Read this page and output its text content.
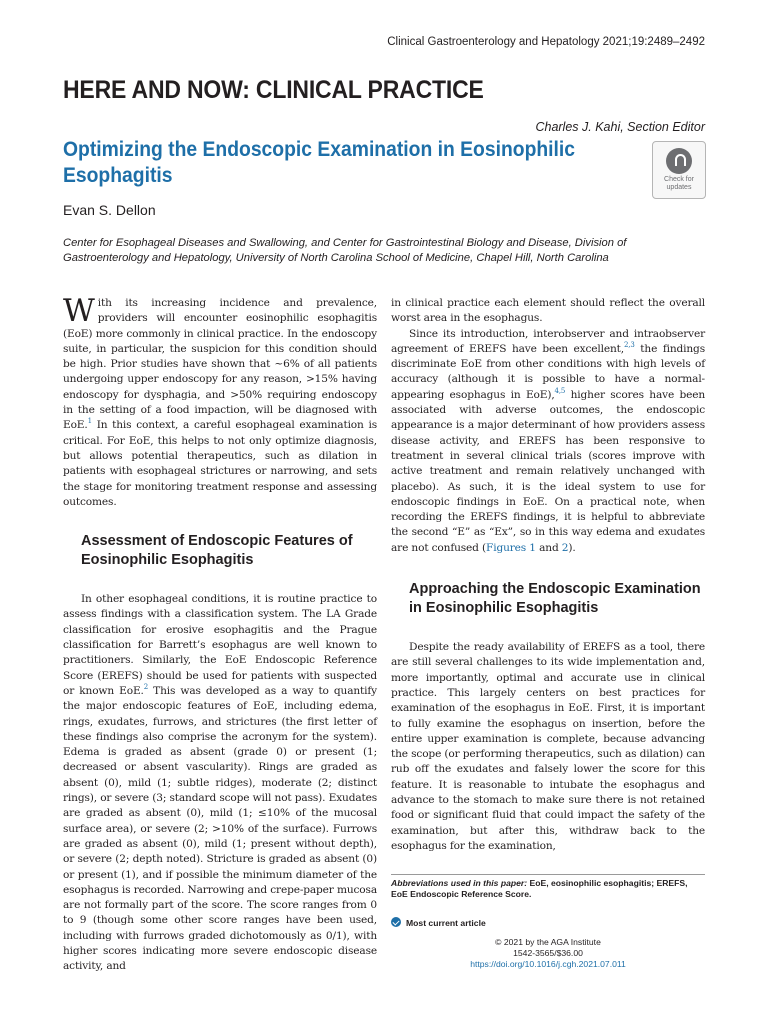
Clinical Gastroenterology and Hepatology 2021;19:2489–2492
HERE AND NOW: CLINICAL PRACTICE
Charles J. Kahi, Section Editor
Optimizing the Endoscopic Examination in Eosinophilic Esophagitis	Check for
updates
Evan S. Dellon
Center for Esophageal Diseases and Swallowing, and Center for Gastrointestinal Biology and Disease, Division of Gastroenterology and Hepatology, University of North Carolina School of Medicine, Chapel Hill, North Carolina

With its increasing incidence and prevalence, providers will encounter eosinophilic esophagitis (EoE) more commonly in clinical practice. In the endoscopy suite, in particular, the suspicion for this condition should be high. Prior studies have shown that ~6% of all patients undergoing upper endoscopy for any reason, >15% having endoscopy for dysphagia, and >50% requiring endoscopy in the setting of a food impaction, will be diagnosed with EoE.$^1$ In this context, a careful esophageal examination is critical. For EoE, this helps to not only optimize diagnosis, but allows potential therapeutics, such as dilation in patients with esophageal strictures or narrowing, and sets the stage for monitoring treatment response and assessing outcomes.

Assessment of Endoscopic Features of Eosinophilic Esophagitis

In other esophageal conditions, it is routine practice to assess findings with a classification system. The LA Grade classification for erosive esophagitis and the Prague classification for Barrett’s esophagus are well known to practitioners. Similarly, the EoE Endoscopic Reference Score (EREFS) should be used for patients with suspected or known EoE.$^2$ This was developed as a way to quantify the major endoscopic features of EoE, including edema, rings, exudates, furrows, and strictures (the first letter of these findings also comprise the acronym for the system). Edema is graded as absent (grade 0) or present (1; decreased or absent vascularity). Rings are graded as absent (0), mild (1; subtle ridges), moderate (2; distinct rings), or severe (3; standard scope will not pass). Exudates are graded as absent (0), mild (1; ≤10% of the mucosal surface area), or severe (2; >10% of the surface). Furrows are graded as absent (0), mild (1; present without depth), or severe (2; depth noted). Stricture is graded as absent (0) or present (1), and if possible the minimum diameter of the esophagus is recorded. Narrowing and crepe-paper mucosa are not formally part of the score. The score ranges from 0 to 9 (though some other score ranges have been used, including with furrows graded dichotomously as 0/1), with higher scores indicating more severe endoscopic disease activity, and

in clinical practice each element should reflect the overall worst area in the esophagus.

Since its introduction, interobserver and intraobserver agreement of EREFS have been excellent,$^{2,3}$ the findings discriminate EoE from other conditions with high levels of accuracy (although it is possible to have a normal-appearing esophagus in EoE),$^{4,5}$ higher scores have been associated with adverse outcomes, the endoscopic appearance is a major determinant of how providers assess disease activity, and EREFS has been responsive to treatment in several clinical trials (scores improve with active treatment and remain relatively unchanged with placebo). As such, it is the ideal system to use for endoscopic findings in EoE. On a practical note, when recording the EREFS findings, it is helpful to abbreviate the second “E” as “Ex”, so in this way edema and exudates are not confused (Figures 1 and 2).

Approaching the Endoscopic Examination in Eosinophilic Esophagitis

Despite the ready availability of EREFS as a tool, there are still several challenges to its wide implementation and, more importantly, optimal and accurate use in clinical practice. This largely centers on best practices for examination of the esophagus in EoE. First, it is important to fully examine the esophagus on insertion, before the entire upper examination is complete, because advancing the scope (or performing therapeutics, such as dilation) can rub off the exudates and falsely lower the score for this feature. It is reasonable to intubate the esophagus and advance to the stomach to make sure there is not retained food or significant fluid that could impact the safety of the examination, but after this, withdraw back to the esophagus for the examination,

Abbreviations used in this paper: EoE, eosinophilic esophagitis; EREFS, EoE Endoscopic Reference Score.
Most current article
© 2021 by the AGA Institute
1542-3565/$36.00
https://doi.org/10.1016/j.cgh.2021.07.011
